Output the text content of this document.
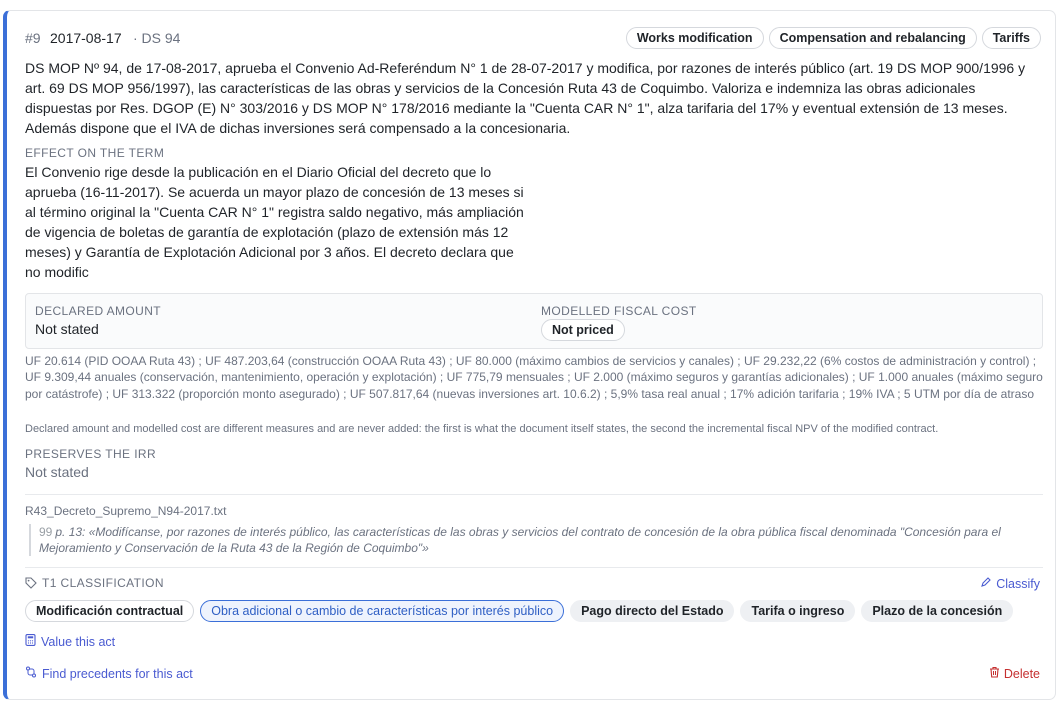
#9 2017-08-17 · DS 94	Works modification	Compensation and rebalancing	Tariffs

DS MOP Nº 94, de 17-08-2017, aprueba el Convenio Ad-Referéndum N° 1 de 28-07-2017 y modifica, por razones de interés público (art. 19 DS MOP 900/1996 y art. 69 DS MOP 956/1997), las características de las obras y servicios de la Concesión Ruta 43 de Coquimbo. Valoriza e indemniza las obras adicionales dispuestas por Res. DGOP (E) N° 303/2016 y DS MOP N° 178/2016 mediante la "Cuenta CAR N° 1", alza tarifaria del 17% y eventual extensión de 13 meses. Además dispone que el IVA de dichas inversiones será compensado a la concesionaria.

EFFECT ON THE TERM

El Convenio rige desde la publicación en el Diario Oficial del decreto que lo aprueba (16-11-2017). Se acuerda un mayor plazo de concesión de 13 meses si al término original la "Cuenta CAR N° 1" registra saldo negativo, más ampliación de vigencia de boletas de garantía de explotación (plazo de extensión más 12 meses) y Garantía de Explotación Adicional por 3 años. El decreto declara que no modific

DECLARED AMOUNT
Not stated
MODELLED FISCAL COST
Not priced

UF 20.614 (PID OOAA Ruta 43) ; UF 487.203,64 (construcción OOAA Ruta 43) ; UF 80.000 (máximo cambios de servicios y canales) ; UF 29.232,22 (6% costos de administración y control) ; UF 9.309,44 anuales (conservación, mantenimiento, operación y explotación) ; UF 775,79 mensuales ; UF 2.000 (máximo seguros y garantías adicionales) ; UF 1.000 anuales (máximo seguro por catástrofe) ; UF 313.322 (proporción monto asegurado) ; UF 507.817,64 (nuevas inversiones art. 10.6.2) ; 5,9% tasa real anual ; 17% adición tarifaria ; 19% IVA ; 5 UTM por día de atraso

Declared amount and modelled cost are different measures and are never added: the first is what the document itself states, the second the incremental fiscal NPV of the modified contract.
PRESERVES THE IRR
Not stated
R43_Decreto_Supremo_N94-2017.txt
99 p. 13: «Modifícanse, por razones de interés público, las características de las obras y servicios del contrato de concesión de la obra pública fiscal denominada "Concesión para el Mejoramiento y Conservación de la Ruta 43 de la Región de Coquimbo"»
T1 CLASSIFICATION	Classify
Modificación contractual	Obra adicional o cambio de características por interés público	Pago directo del Estado	Tarifa o ingreso	Plazo de la concesión
Value this act
Find precedents for this act	Delete
